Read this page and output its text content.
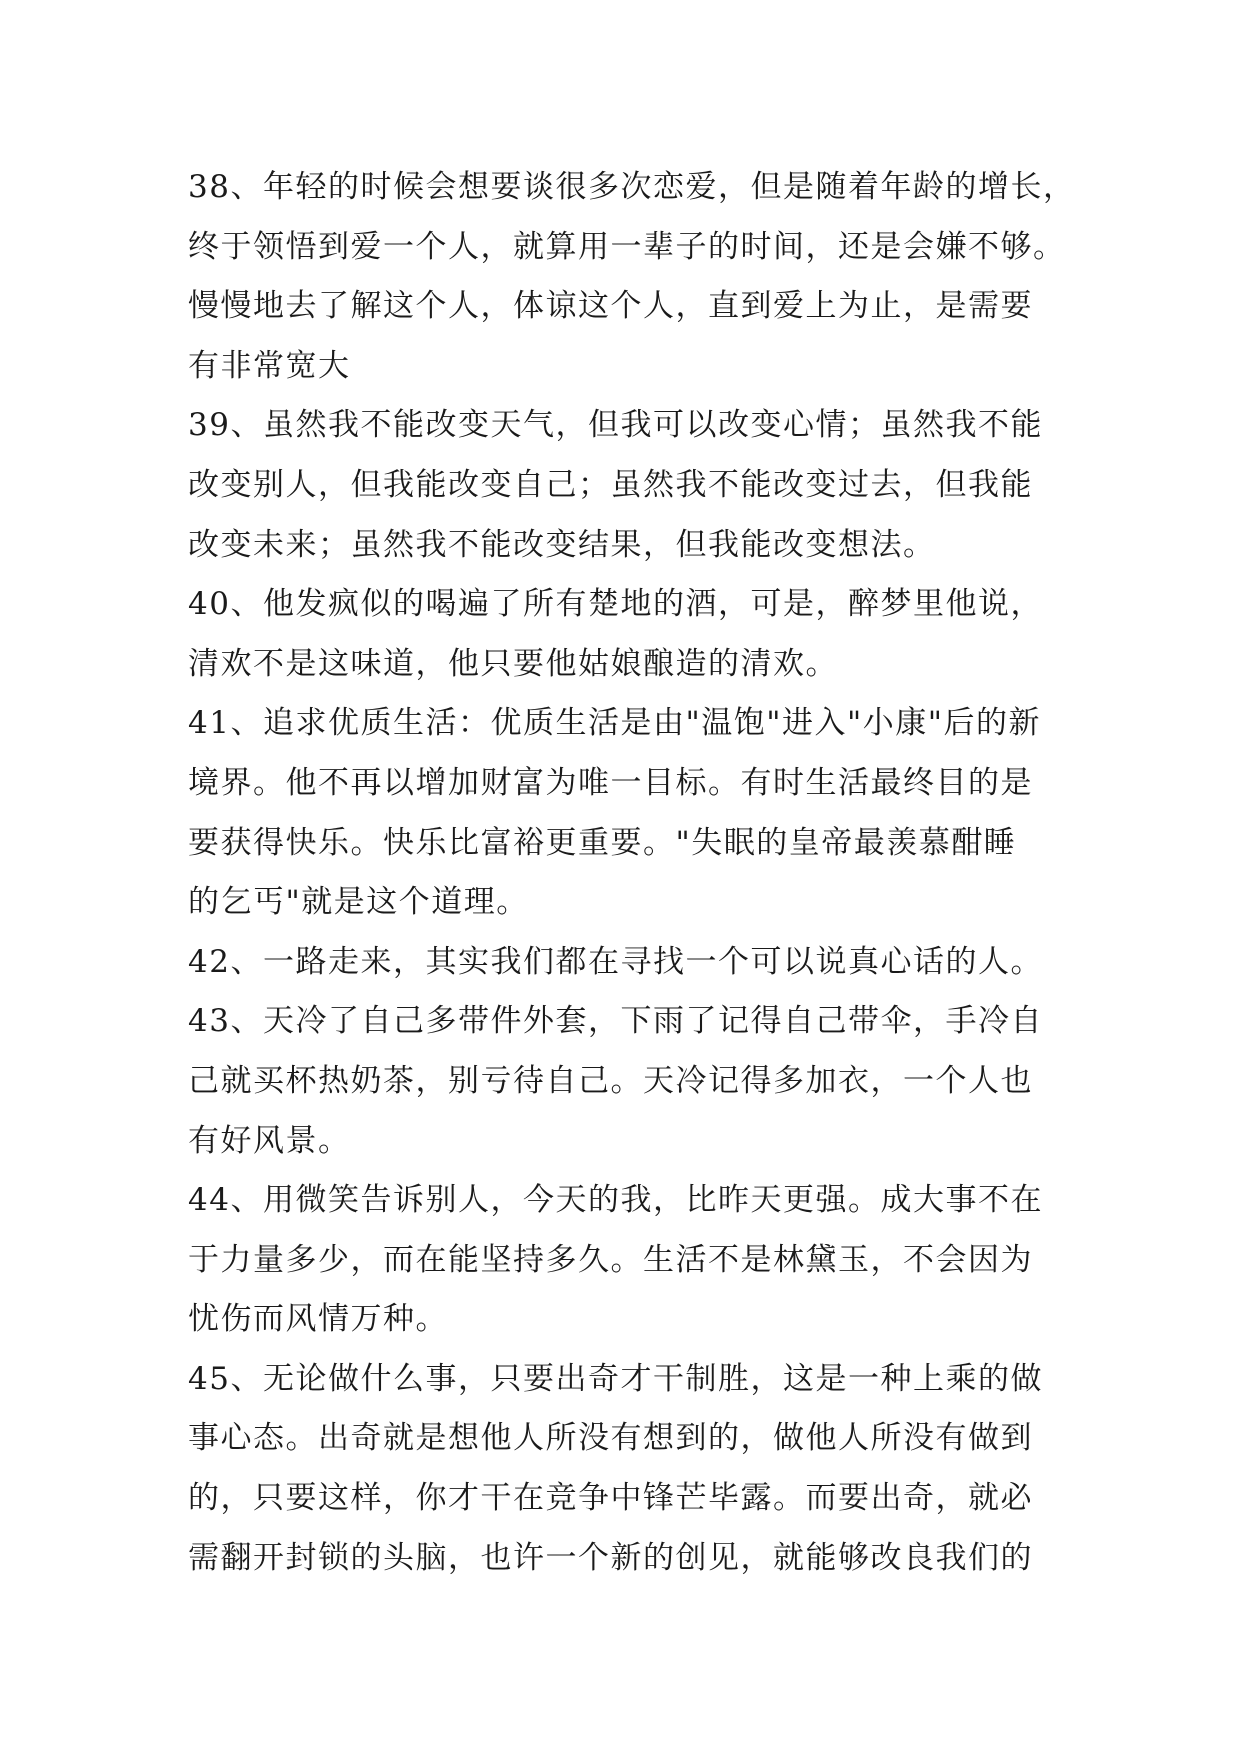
38、年轻的时候会想要谈很多次恋爱，但是随着年龄的增长，
终于领悟到爱一个人，就算用一辈子的时间，还是会嫌不够。
慢慢地去了解这个人，体谅这个人，直到爱上为止，是需要
有非常宽大
39、虽然我不能改变天气，但我可以改变心情；虽然我不能
改变别人，但我能改变自己；虽然我不能改变过去，但我能
改变未来；虽然我不能改变结果，但我能改变想法。
40、他发疯似的喝遍了所有楚地的酒，可是，醉梦里他说，
清欢不是这味道，他只要他姑娘酿造的清欢。
41、追求优质生活：优质生活是由"温饱"进入"小康"后的新
境界。他不再以增加财富为唯一目标。有时生活最终目的是
要获得快乐。快乐比富裕更重要。"失眠的皇帝最羡慕酣睡
的乞丐"就是这个道理。
42、一路走来，其实我们都在寻找一个可以说真心话的人。
43、天冷了自己多带件外套，下雨了记得自己带伞，手冷自
己就买杯热奶茶，别亏待自己。天冷记得多加衣，一个人也
有好风景。
44、用微笑告诉别人，今天的我，比昨天更强。成大事不在
于力量多少，而在能坚持多久。生活不是林黛玉，不会因为
忧伤而风情万种。
45、无论做什么事，只要出奇才干制胜，这是一种上乘的做
事心态。出奇就是想他人所没有想到的，做他人所没有做到
的，只要这样，你才干在竞争中锋芒毕露。而要出奇，就必
需翻开封锁的头脑，也许一个新的创见，就能够改良我们的
